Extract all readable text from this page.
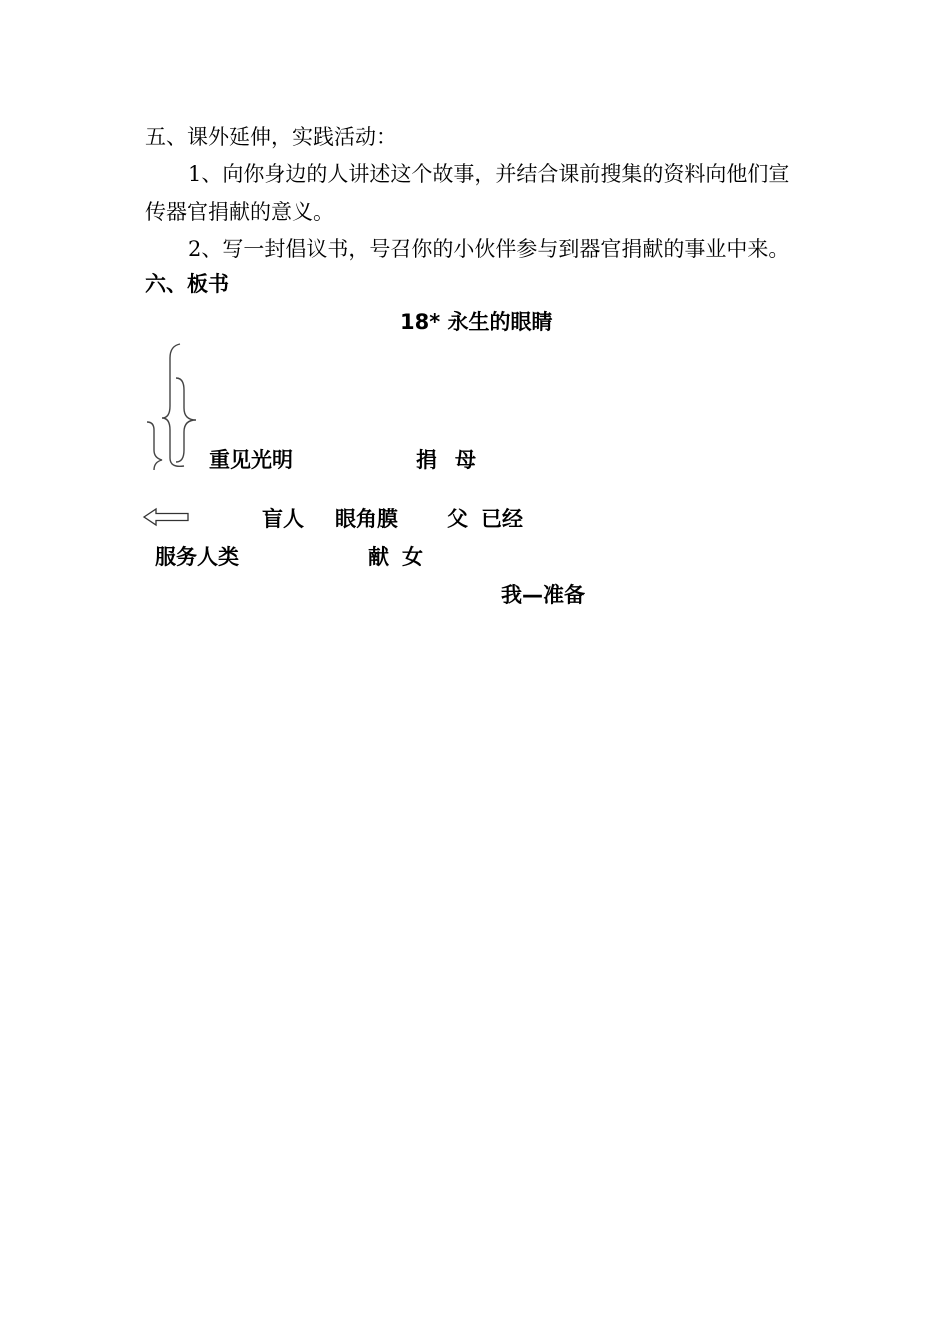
五、课外延伸，实践活动：
1、向你身边的人讲述这个故事，并结合课前搜集的资料向他们宣
传器官捐献的意义。
2、写一封倡议书，号召你的小伙伴参与到器官捐献的事业中来。
六、板书
18* 永生的眼睛
重见光明	捐 母
盲人 眼角膜 父 已经
服务人类	献 女
我—准备
